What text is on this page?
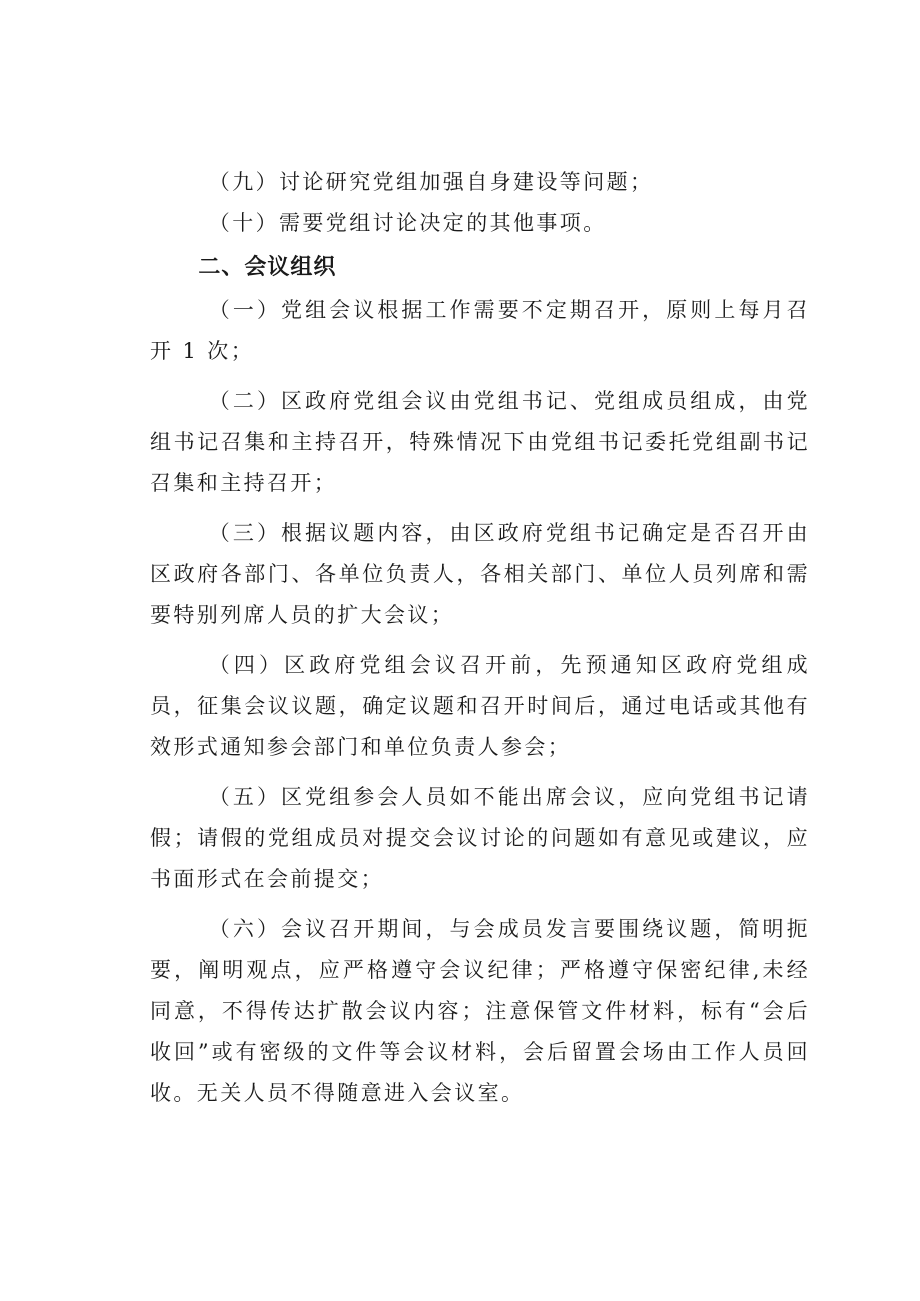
（九）讨论研究党组加强自身建设等问题；

（十）需要党组讨论决定的其他事项。

二、会议组织

（一）党组会议根据工作需要不定期召开，原则上每月召开 1 次；

（二）区政府党组会议由党组书记、党组成员组成，由党组书记召集和主持召开，特殊情况下由党组书记委托党组副书记召集和主持召开；

（三）根据议题内容，由区政府党组书记确定是否召开由区政府各部门、各单位负责人，各相关部门、单位人员列席和需要特别列席人员的扩大会议；

（四）区政府党组会议召开前，先预通知区政府党组成员，征集会议议题，确定议题和召开时间后，通过电话或其他有效形式通知参会部门和单位负责人参会；

（五）区党组参会人员如不能出席会议，应向党组书记请假；请假的党组成员对提交会议讨论的问题如有意见或建议，应书面形式在会前提交；

（六）会议召开期间，与会成员发言要围绕议题，简明扼要，阐明观点，应严格遵守会议纪律；严格遵守保密纪律,未经同意，不得传达扩散会议内容；注意保管文件材料，标有“会后收回”或有密级的文件等会议材料，会后留置会场由工作人员回收。无关人员不得随意进入会议室。
